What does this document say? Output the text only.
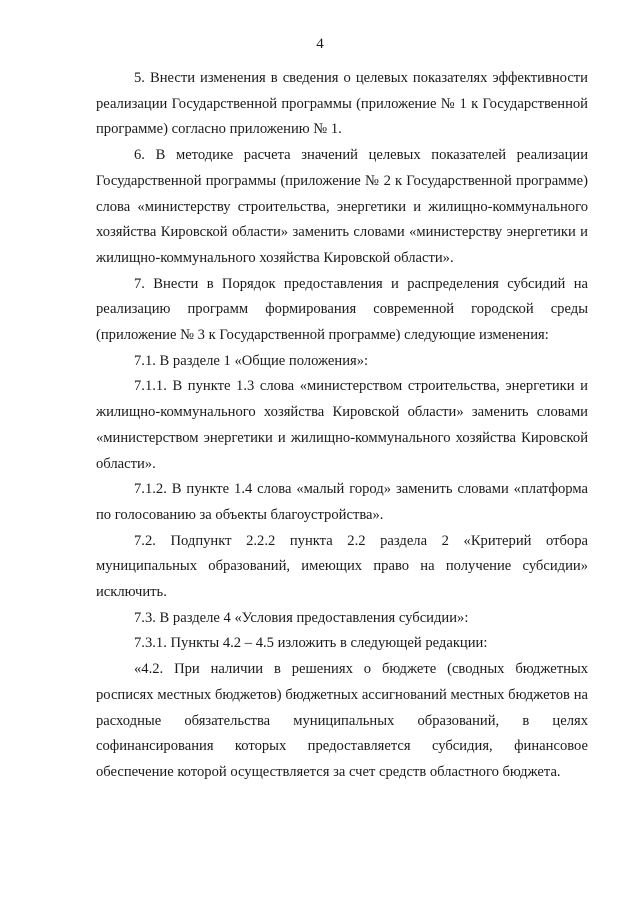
4

5. Внести изменения в сведения о целевых показателях эффективности реализации Государственной программы (приложение № 1 к Государственной программе) согласно приложению № 1.

6. В методике расчета значений целевых показателей реализации Государственной программы (приложение № 2 к Государственной программе) слова «министерству строительства, энергетики и жилищно-коммунального хозяйства Кировской области» заменить словами «министерству энергетики и жилищно-коммунального хозяйства Кировской области».

7. Внести в Порядок предоставления и распределения субсидий на реализацию программ формирования современной городской среды (приложение № 3 к Государственной программе) следующие изменения:

7.1. В разделе 1 «Общие положения»:

7.1.1. В пункте 1.3 слова «министерством строительства, энергетики и жилищно-коммунального хозяйства Кировской области» заменить словами «министерством энергетики и жилищно-коммунального хозяйства Кировской области».

7.1.2. В пункте 1.4 слова «малый город» заменить словами «платформа по голосованию за объекты благоустройства».

7.2. Подпункт 2.2.2 пункта 2.2 раздела 2 «Критерий отбора муниципальных образований, имеющих право на получение субсидии» исключить.

7.3. В разделе 4 «Условия предоставления субсидии»:

7.3.1. Пункты 4.2 – 4.5 изложить в следующей редакции:

«4.2. При наличии в решениях о бюджете (сводных бюджетных росписях местных бюджетов) бюджетных ассигнований местных бюджетов на расходные обязательства муниципальных образований, в целях софинансирования которых предоставляется субсидия, финансовое обеспечение которой осуществляется за счет средств областного бюджета.
